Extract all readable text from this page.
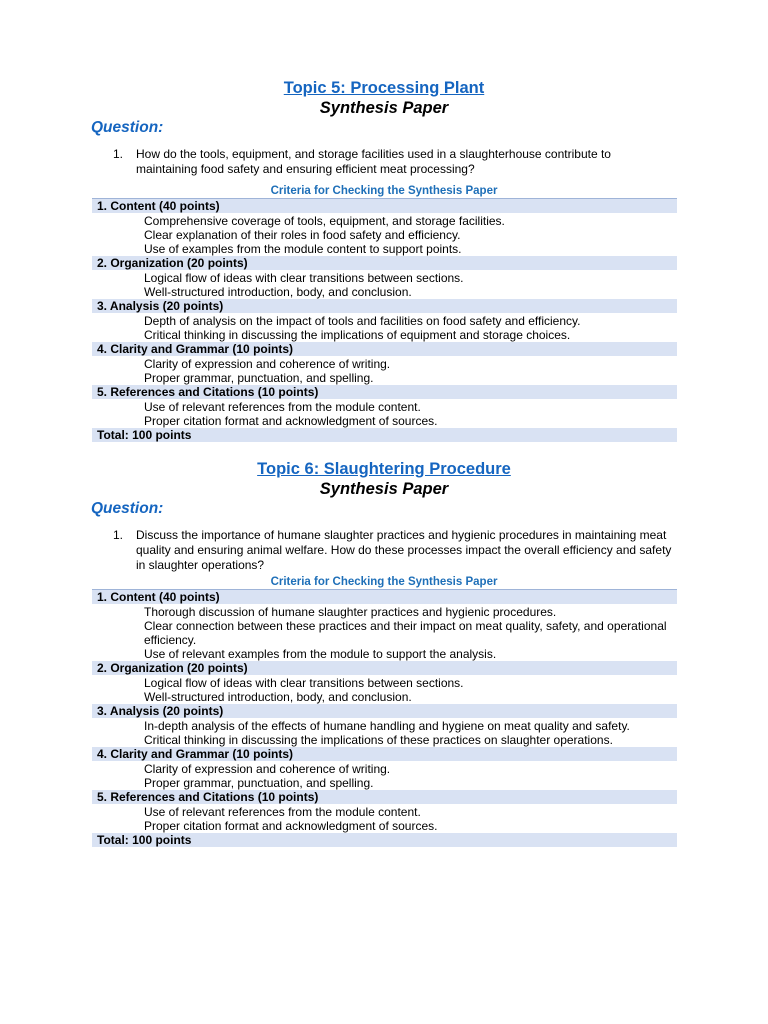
Topic 5: Processing Plant
Synthesis Paper
Question:
1. How do the tools, equipment, and storage facilities used in a slaughterhouse contribute to maintaining food safety and ensuring efficient meat processing?
Criteria for Checking the Synthesis Paper
1. Content (40 points)
Comprehensive coverage of tools, equipment, and storage facilities.
Clear explanation of their roles in food safety and efficiency.
Use of examples from the module content to support points.
2. Organization (20 points)
Logical flow of ideas with clear transitions between sections.
Well-structured introduction, body, and conclusion.
3. Analysis (20 points)
Depth of analysis on the impact of tools and facilities on food safety and efficiency.
Critical thinking in discussing the implications of equipment and storage choices.
4. Clarity and Grammar (10 points)
Clarity of expression and coherence of writing.
Proper grammar, punctuation, and spelling.
5. References and Citations (10 points)
Use of relevant references from the module content.
Proper citation format and acknowledgment of sources.
Total: 100 points
Topic 6: Slaughtering Procedure
Synthesis Paper
Question:
1. Discuss the importance of humane slaughter practices and hygienic procedures in maintaining meat quality and ensuring animal welfare. How do these processes impact the overall efficiency and safety in slaughter operations?
Criteria for Checking the Synthesis Paper
1. Content (40 points)
Thorough discussion of humane slaughter practices and hygienic procedures.
Clear connection between these practices and their impact on meat quality, safety, and operational efficiency.
Use of relevant examples from the module to support the analysis.
2. Organization (20 points)
Logical flow of ideas with clear transitions between sections.
Well-structured introduction, body, and conclusion.
3. Analysis (20 points)
In-depth analysis of the effects of humane handling and hygiene on meat quality and safety.
Critical thinking in discussing the implications of these practices on slaughter operations.
4. Clarity and Grammar (10 points)
Clarity of expression and coherence of writing.
Proper grammar, punctuation, and spelling.
5. References and Citations (10 points)
Use of relevant references from the module content.
Proper citation format and acknowledgment of sources.
Total: 100 points
